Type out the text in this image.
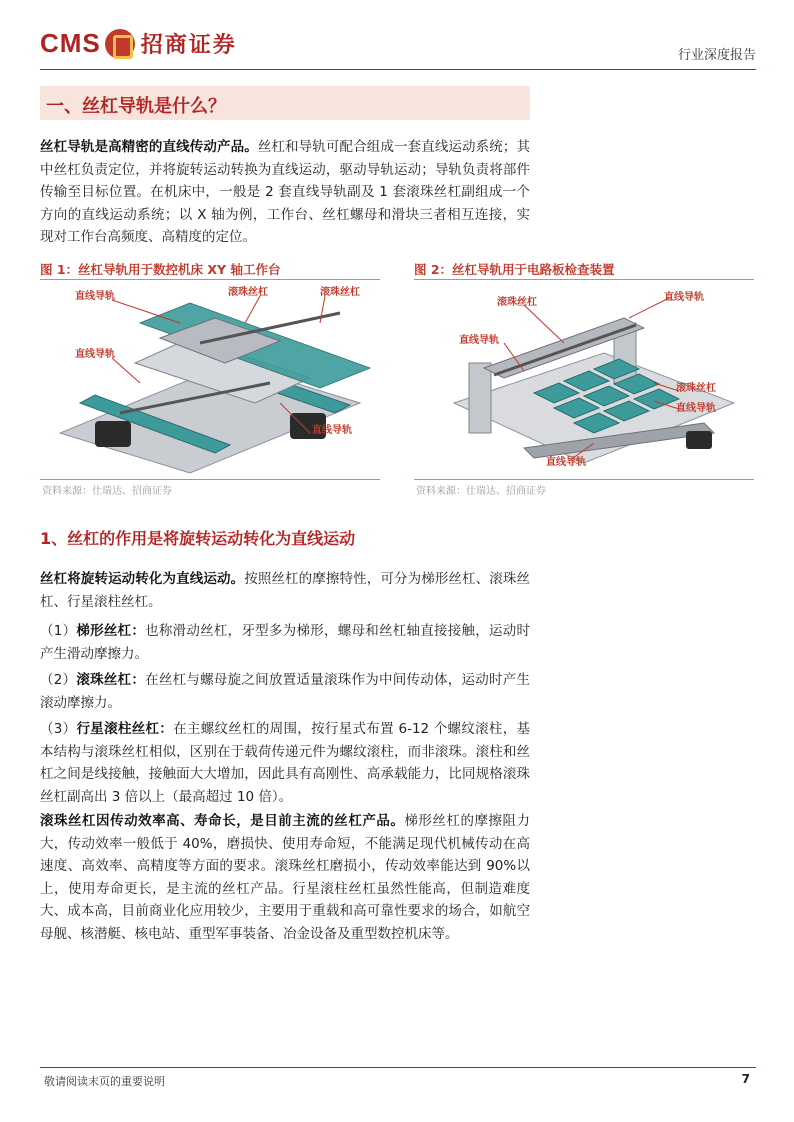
CMS 招商证券	行业深度报告
一、丝杠导轨是什么？
丝杠导轨是高精密的直线传动产品。丝杠和导轨可配合组成一套直线运动系统；其中丝杠负责定位，并将旋转运动转换为直线运动，驱动导轨运动；导轨负责将部件传输至目标位置。在机床中，一般是 2 套直线导轨副及 1 套滚珠丝杠副组成一个方向的直线运动系统；以 X 轴为例，工作台、丝杠螺母和滑块三者相互连接，实现对工作台高频度、高精度的定位。
图 1：丝杠导轨用于数控机床 XY 轴工作台
直线导轨	滚珠丝杠	滚珠丝杠
直线导轨
直线导轨
资料来源：仕瑞达、招商证券
图 2：丝杠导轨用于电路板检查装置
滚珠丝杠	直线导轨
直线导轨
滚珠丝杠
直线导轨
直线导轨
资料来源：仕瑞达、招商证券
1、丝杠的作用是将旋转运动转化为直线运动
丝杠将旋转运动转化为直线运动。按照丝杠的摩擦特性，可分为梯形丝杠、滚珠丝杠、行星滚柱丝杠。
（1）梯形丝杠：也称滑动丝杠，牙型多为梯形，螺母和丝杠轴直接接触，运动时产生滑动摩擦力。
（2）滚珠丝杠：在丝杠与螺母旋之间放置适量滚珠作为中间传动体，运动时产生滚动摩擦力。
（3）行星滚柱丝杠：在主螺纹丝杠的周围，按行星式布置 6-12 个螺纹滚柱，基本结构与滚珠丝杠相似，区别在于载荷传递元件为螺纹滚柱，而非滚珠。滚柱和丝杠之间是线接触，接触面大大增加，因此具有高刚性、高承载能力，比同规格滚珠丝杠副高出 3 倍以上（最高超过 10 倍）。
滚珠丝杠因传动效率高、寿命长，是目前主流的丝杠产品。梯形丝杠的摩擦阻力大，传动效率一般低于 40%，磨损快、使用寿命短，不能满足现代机械传动在高速度、高效率、高精度等方面的要求。滚珠丝杠磨损小，传动效率能达到 90%以上，使用寿命更长，是主流的丝杠产品。行星滚柱丝杠虽然性能高，但制造难度大、成本高，目前商业化应用较少，主要用于重载和高可靠性要求的场合，如航空母舰、核潜艇、核电站、重型军事装备、冶金设备及重型数控机床等。
敬请阅读末页的重要说明	7
